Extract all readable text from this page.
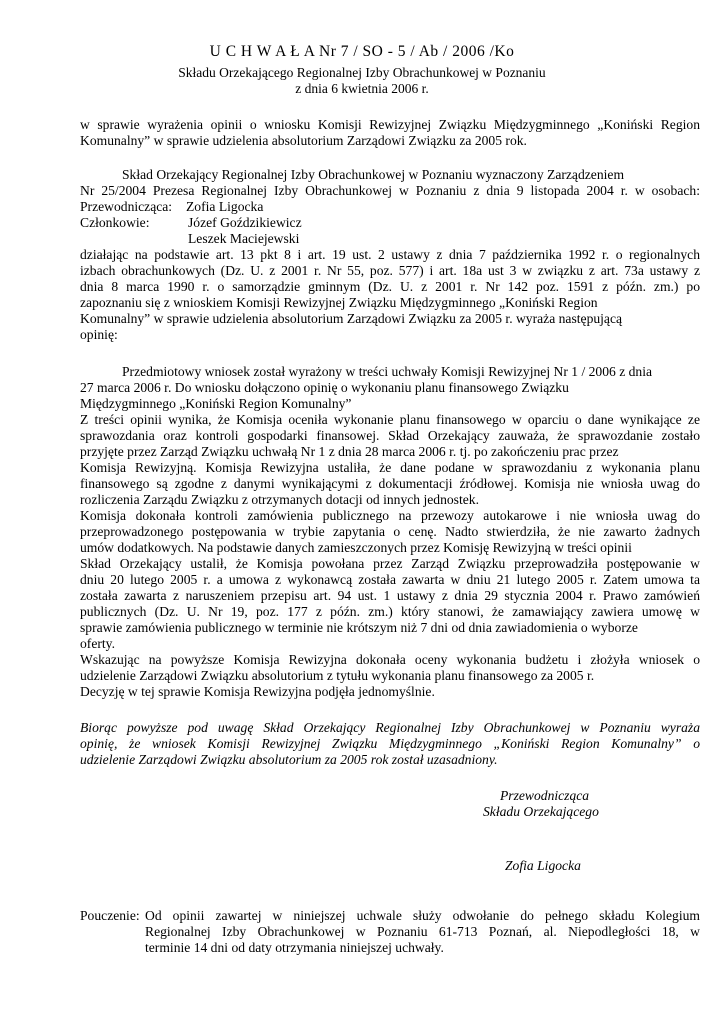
U C H W A Ł A Nr 7 / SO - 5 / Ab / 2006 /Ko
Składu Orzekającego Regionalnej Izby Obrachunkowej w Poznaniu
z dnia 6 kwietnia 2006 r.
w sprawie wyrażenia opinii o wniosku Komisji Rewizyjnej Związku Międzygminnego „Koniński Region
Komunalny” w sprawie udzielenia absolutorium Zarządowi Związku za 2005 rok.
Skład Orzekający Regionalnej Izby Obrachunkowej w Poznaniu wyznaczony Zarządzeniem
Nr 25/2004 Prezesa Regionalnej Izby Obrachunkowej w Poznaniu z dnia 9 listopada 2004 r. w osobach:
Przewodnicząca: Zofia Ligocka
Członkowie:	Józef Goździkiewicz
Leszek Maciejewski
działając na podstawie art. 13 pkt 8 i art. 19 ust. 2 ustawy z dnia 7 października 1992 r. o regionalnych
izbach obrachunkowych (Dz. U. z 2001 r. Nr 55, poz. 577) i art. 18a ust 3 w związku z art. 73a ustawy z
dnia 8 marca 1990 r. o samorządzie gminnym (Dz. U. z 2001 r. Nr 142 poz. 1591 z późn. zm.) po
zapoznaniu się z wnioskiem Komisji Rewizyjnej Związku Międzygminnego „Koniński Region
Komunalny” w sprawie udzielenia absolutorium Zarządowi Związku za 2005 r. wyraża następującą
opinię:
Przedmiotowy wniosek został wyrażony w treści uchwały Komisji Rewizyjnej Nr 1 / 2006 z dnia
27 marca 2006 r. Do wniosku dołączono opinię o wykonaniu planu finansowego Związku
Międzygminnego „Koniński Region Komunalny”
Z treści opinii wynika, że Komisja oceniła wykonanie planu finansowego w oparciu o dane wynikające ze
sprawozdania oraz kontroli gospodarki finansowej. Skład Orzekający zauważa, że sprawozdanie zostało
przyjęte przez Zarząd Związku uchwałą Nr 1 z dnia 28 marca 2006 r. tj. po zakończeniu prac przez
Komisja Rewizyjną. Komisja Rewizyjna ustaliła, że dane podane w sprawozdaniu z wykonania planu
finansowego są zgodne z danymi wynikającymi z dokumentacji źródłowej. Komisja nie wniosła uwag do
rozliczenia Zarządu Związku z otrzymanych dotacji od innych jednostek.
Komisja dokonała kontroli zamówienia publicznego na przewozy autokarowe i nie wniosła uwag do
przeprowadzonego postępowania w trybie zapytania o cenę. Nadto stwierdziła, że nie zawarto żadnych
umów dodatkowych. Na podstawie danych zamieszczonych przez Komisję Rewizyjną w treści opinii
Skład Orzekający ustalił, że Komisja powołana przez Zarząd Związku przeprowadziła postępowanie w
dniu 20 lutego 2005 r. a umowa z wykonawcą została zawarta w dniu 21 lutego 2005 r. Zatem umowa ta
została zawarta z naruszeniem przepisu art. 94 ust. 1 ustawy z dnia 29 stycznia 2004 r. Prawo zamówień
publicznych (Dz. U. Nr 19, poz. 177 z późn. zm.) który stanowi, że zamawiający zawiera umowę w
sprawie zamówienia publicznego w terminie nie krótszym niż 7 dni od dnia zawiadomienia o wyborze
oferty.
Wskazując na powyższe Komisja Rewizyjna dokonała oceny wykonania budżetu i złożyła wniosek o
udzielenie Zarządowi Związku absolutorium z tytułu wykonania planu finansowego za 2005 r.
Decyzję w tej sprawie Komisja Rewizyjna podjęła jednomyślnie.
Biorąc powyższe pod uwagę Skład Orzekający Regionalnej Izby Obrachunkowej w Poznaniu wyraża
opinię, że wniosek Komisji Rewizyjnej Związku Międzygminnego „Koniński Region Komunalny” o
udzielenie Zarządowi Związku absolutorium za 2005 rok został uzasadniony.
Przewodnicząca
Składu Orzekającego
Zofia Ligocka
Pouczenie: Od opinii zawartej w niniejszej uchwale służy odwołanie do pełnego składu Kolegium
Regionalnej Izby Obrachunkowej w Poznaniu 61-713 Poznań, al. Niepodległości 18, w
terminie 14 dni od daty otrzymania niniejszej uchwały.
